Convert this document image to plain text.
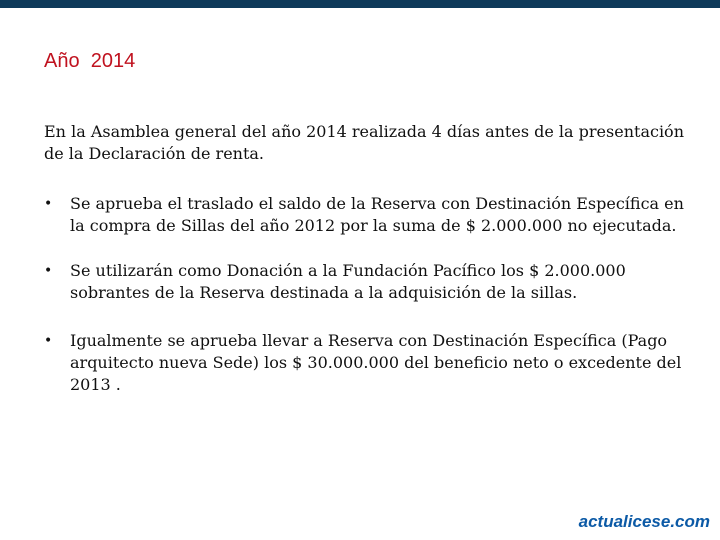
Año  2014
En la Asamblea general del año 2014 realizada 4 días antes de la presentación de la Declaración de renta.
• Se aprueba el traslado el saldo de la Reserva con Destinación Específica en la compra de Sillas del año 2012 por la suma de $ 2.000.000 no ejecutada.
• Se utilizarán como Donación a la Fundación Pacífico los $ 2.000.000 sobrantes de la Reserva destinada a la adquisición de la sillas.
• Igualmente se aprueba llevar a Reserva con Destinación Específica (Pago arquitecto nueva Sede) los $ 30.000.000 del beneficio neto o excedente del 2013 .
actualicese.com
